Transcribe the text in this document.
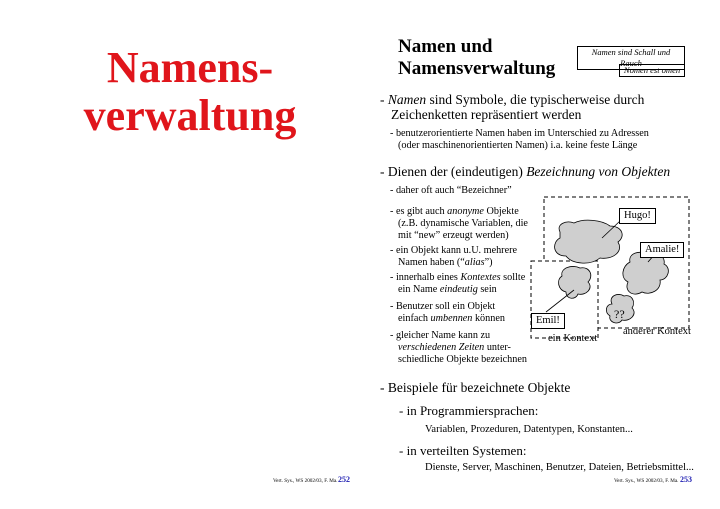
Namens-
verwaltung
Vert. Sys., WS 2002/03, F. Ma. 252
Namen und
Namensverwaltung
Namen sind Schall und Rauch
Nomen est omen
- Namen sind Symbole, die typischerweise durch
Zeichenketten repräsentiert werden
- benutzerorientierte Namen haben im Unterschied zu Adressen
(oder maschinenorientierten Namen) i.a. keine feste Länge
- Dienen der (eindeutigen) Bezeichnung von Objekten
- daher oft auch “Bezeichner”
- es gibt auch anonyme Objekte
(z.B. dynamische Variablen, die
mit “new” erzeugt werden)
- ein Objekt kann u.U. mehrere
Namen haben (“alias”)
- innerhalb eines Kontextes sollte
ein Name eindeutig sein
- Benutzer soll ein Objekt
einfach umbennen können
- gleicher Name kann zu
verschiedenen Zeiten unter-
schiedliche Objekte bezeichnen
Hugo!
Amalie!
Emil!	??
ein Kontext
anderer Kontext
- Beispiele für bezeichnete Objekte
- in Programmiersprachen:
Variablen, Prozeduren, Datentypen, Konstanten...
- in verteilten Systemen:
Dienste, Server, Maschinen, Benutzer, Dateien, Betriebsmittel...
Vert. Sys., WS 2002/03, F. Ma. 253
